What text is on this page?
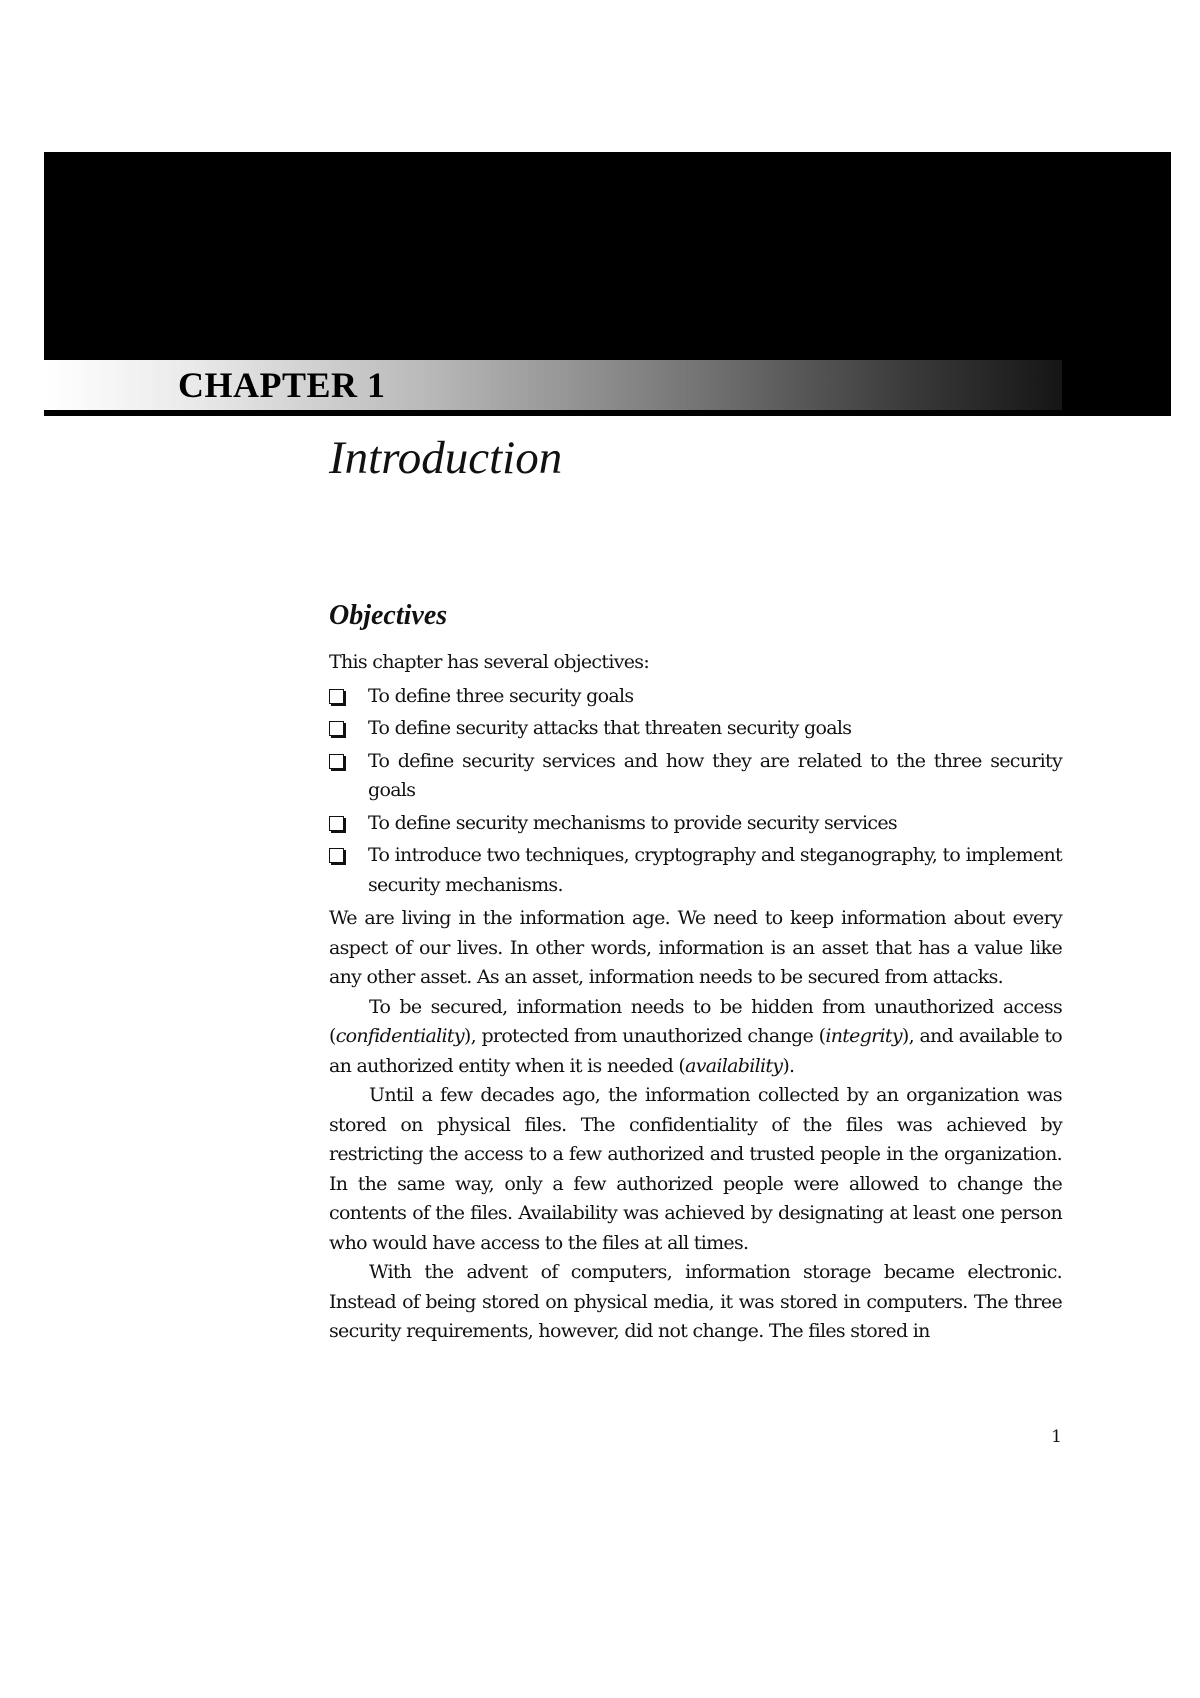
CHAPTER 1
Introduction
Objectives

This chapter has several objectives:

To define three security goals
To define security attacks that threaten security goals
To define security services and how they are related to the three security goals
To define security mechanisms to provide security services
To introduce two techniques, cryptography and steganography, to implement security mechanisms.

We are living in the information age. We need to keep information about every aspect of our lives. In other words, information is an asset that has a value like any other asset. As an asset, information needs to be secured from attacks.

To be secured, information needs to be hidden from unauthorized access (confidentiality), protected from unauthorized change (integrity), and available to an authorized entity when it is needed (availability).

Until a few decades ago, the information collected by an organization was stored on physical files. The confidentiality of the files was achieved by restricting the access to a few authorized and trusted people in the organization. In the same way, only a few authorized people were allowed to change the contents of the files. Availability was achieved by designating at least one person who would have access to the files at all times.

With the advent of computers, information storage became electronic. Instead of being stored on physical media, it was stored in computers. The three security requirements, however, did not change. The files stored in

1
